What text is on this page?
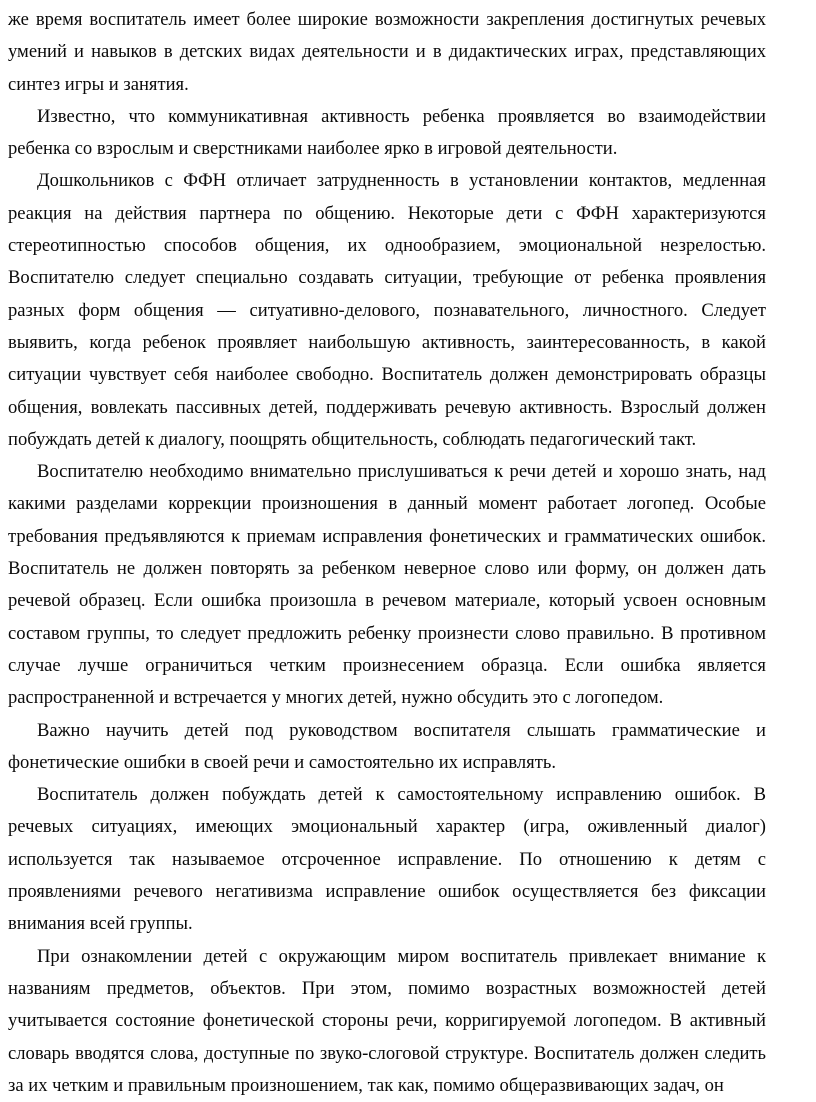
же время воспитатель имеет более широкие возможности закрепления достигнутых речевых умений и навыков в детских видах деятельности и в дидактических играх, представляющих синтез игры и занятия.

Известно, что коммуникативная активность ребенка проявляется во взаимодействии ребенка со взрослым и сверстниками наиболее ярко в игровой деятельности.

Дошкольников с ФФН отличает затрудненность в установлении контактов, медленная реакция на действия партнера по общению. Некоторые дети с ФФН характеризуются стереотипностью способов общения, их однообразием, эмоциональной незрелостью. Воспитателю следует специально создавать ситуации, требующие от ребенка проявления разных форм общения — ситуативно-делового, познавательного, личностного. Следует выявить, когда ребенок проявляет наибольшую активность, заинтересованность, в какой ситуации чувствует себя наиболее свободно. Воспитатель должен демонстрировать образцы общения, вовлекать пассивных детей, поддерживать речевую активность. Взрослый должен побуждать детей к диалогу, поощрять общительность, соблюдать педагогический такт.

Воспитателю необходимо внимательно прислушиваться к речи детей и хорошо знать, над какими разделами коррекции произношения в данный момент работает логопед. Особые требования предъявляются к приемам исправления фонетических и грамматических ошибок. Воспитатель не должен повторять за ребенком неверное слово или форму, он должен дать речевой образец. Если ошибка произошла в речевом материале, который усвоен основным составом группы, то следует предложить ребенку произнести слово правильно. В противном случае лучше ограничиться четким произнесением образца. Если ошибка является распространенной и встречается у многих детей, нужно обсудить это с логопедом.

Важно научить детей под руководством воспитателя слышать грамматические и фонетические ошибки в своей речи и самостоятельно их исправлять.

Воспитатель должен побуждать детей к самостоятельному исправлению ошибок. В речевых ситуациях, имеющих эмоциональный характер (игра, оживленный диалог) используется так называемое отсроченное исправление. По отношению к детям с проявлениями речевого негативизма исправление ошибок осуществляется без фиксации внимания всей группы.

При ознакомлении детей с окружающим миром воспитатель привлекает внимание к названиям предметов, объектов. При этом, помимо возрастных возможностей детей учитывается состояние фонетической стороны речи, корригируемой логопедом. В активный словарь вводятся слова, доступные по звуко-слоговой структуре. Воспитатель должен следить за их четким и правильным произношением, так как, помимо общеразвивающих задач, он
